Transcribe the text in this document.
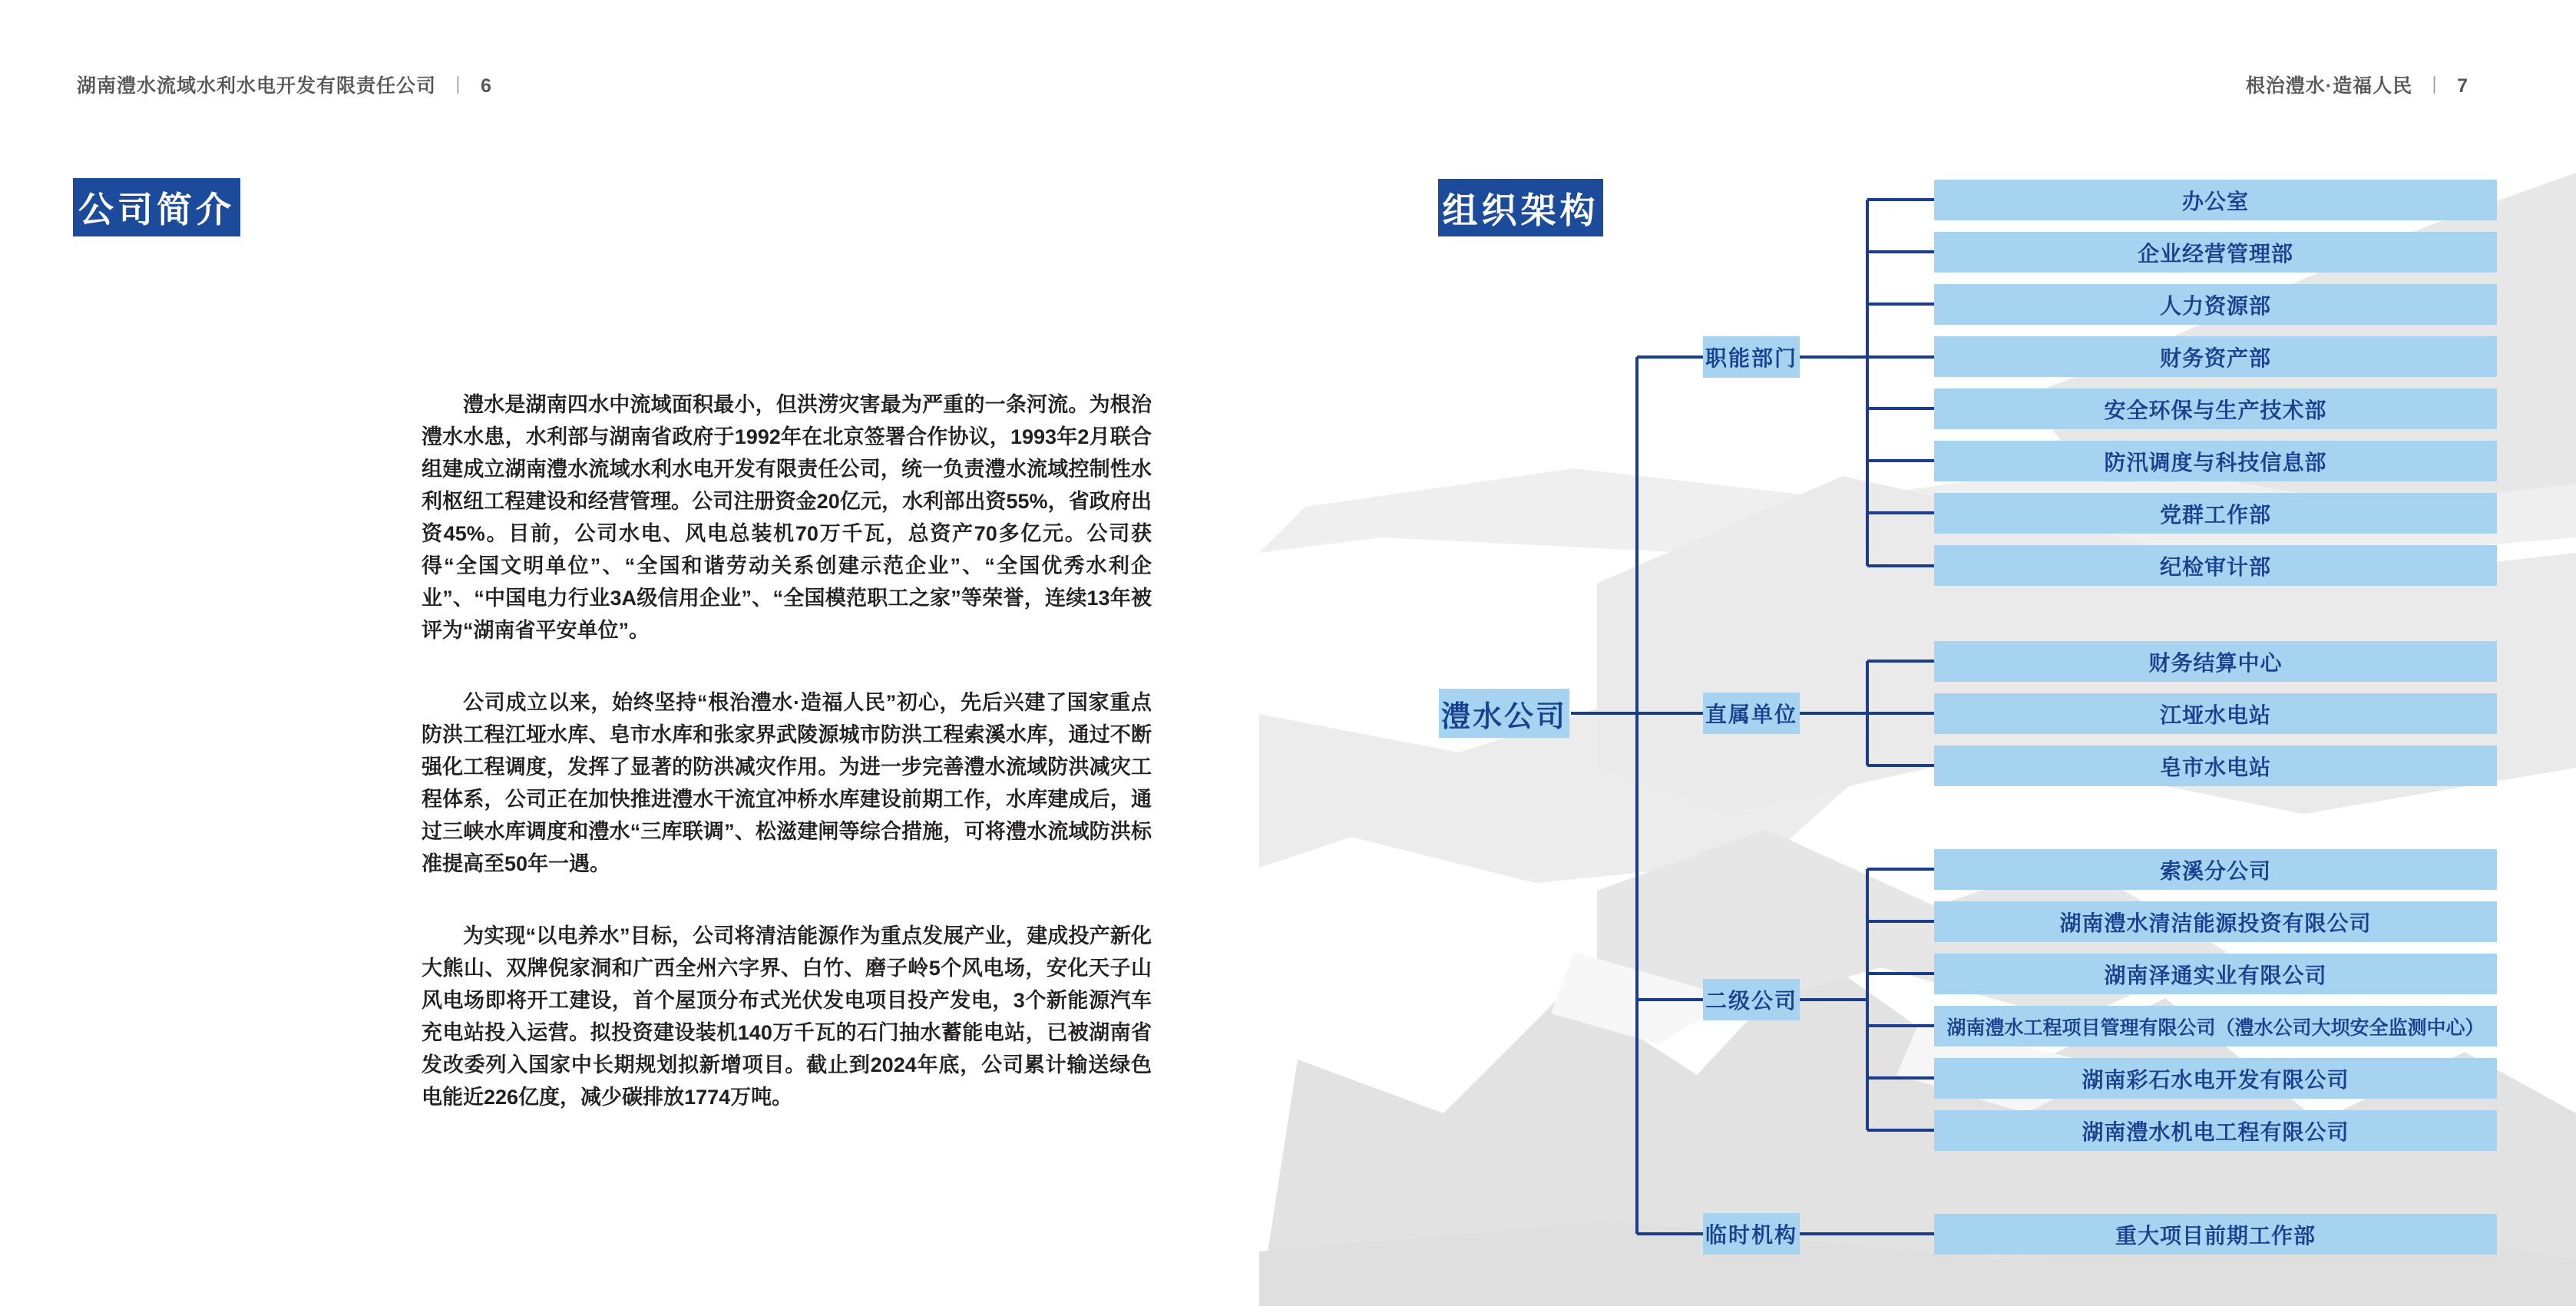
湖南澧水流域水利水电开发有限责任公司 丨 6	根治澧水·造福人民 丨 7
公司简介

澧水是湖南四水中流域面积最小，但洪涝灾害最为严重的一条河流。为根治澧水水患，水利部与湖南省政府于1992年在北京签署合作协议，1993年2月联合组建成立湖南澧水流域水利水电开发有限责任公司，统一负责澧水流域控制性水利枢纽工程建设和经营管理。公司注册资金20亿元，水利部出资55%，省政府出资45%。目前，公司水电、风电总装机70万千瓦，总资产70多亿元。公司获得“全国文明单位”、“全国和谐劳动关系创建示范企业”、“全国优秀水利企业”、“中国电力行业3A级信用企业”、“全国模范职工之家”等荣誉，连续13年被评为“湖南省平安单位”。

公司成立以来，始终坚持“根治澧水·造福人民”初心，先后兴建了国家重点防洪工程江垭水库、皂市水库和张家界武陵源城市防洪工程索溪水库，通过不断强化工程调度，发挥了显著的防洪减灾作用。为进一步完善澧水流域防洪减灾工程体系，公司正在加快推进澧水干流宜冲桥水库建设前期工作，水库建成后，通过三峡水库调度和澧水“三库联调”、松滋建闸等综合措施，可将澧水流域防洪标准提高至50年一遇。

为实现“以电养水”目标，公司将清洁能源作为重点发展产业，建成投产新化大熊山、双牌倪家洞和广西全州六字界、白竹、磨子岭5个风电场，安化天子山风电场即将开工建设，首个屋顶分布式光伏发电项目投产发电，3个新能源汽车充电站投入运营。拟投资建设装机140万千瓦的石门抽水蓄能电站，已被湖南省发改委列入国家中长期规划拟新增项目。截止到2024年底，公司累计输送绿色电能近226亿度，减少碳排放1774万吨。

组织架构
澧水公司
职能部门
直属单位
二级公司
临时机构
办公室
企业经营管理部
人力资源部
财务资产部
安全环保与生产技术部
防汛调度与科技信息部
党群工作部
纪检审计部
财务结算中心
江垭水电站
皂市水电站
索溪分公司
湖南澧水清洁能源投资有限公司
湖南泽通实业有限公司
湖南澧水工程项目管理有限公司（澧水公司大坝安全监测中心）
湖南彩石水电开发有限公司
湖南澧水机电工程有限公司
重大项目前期工作部
